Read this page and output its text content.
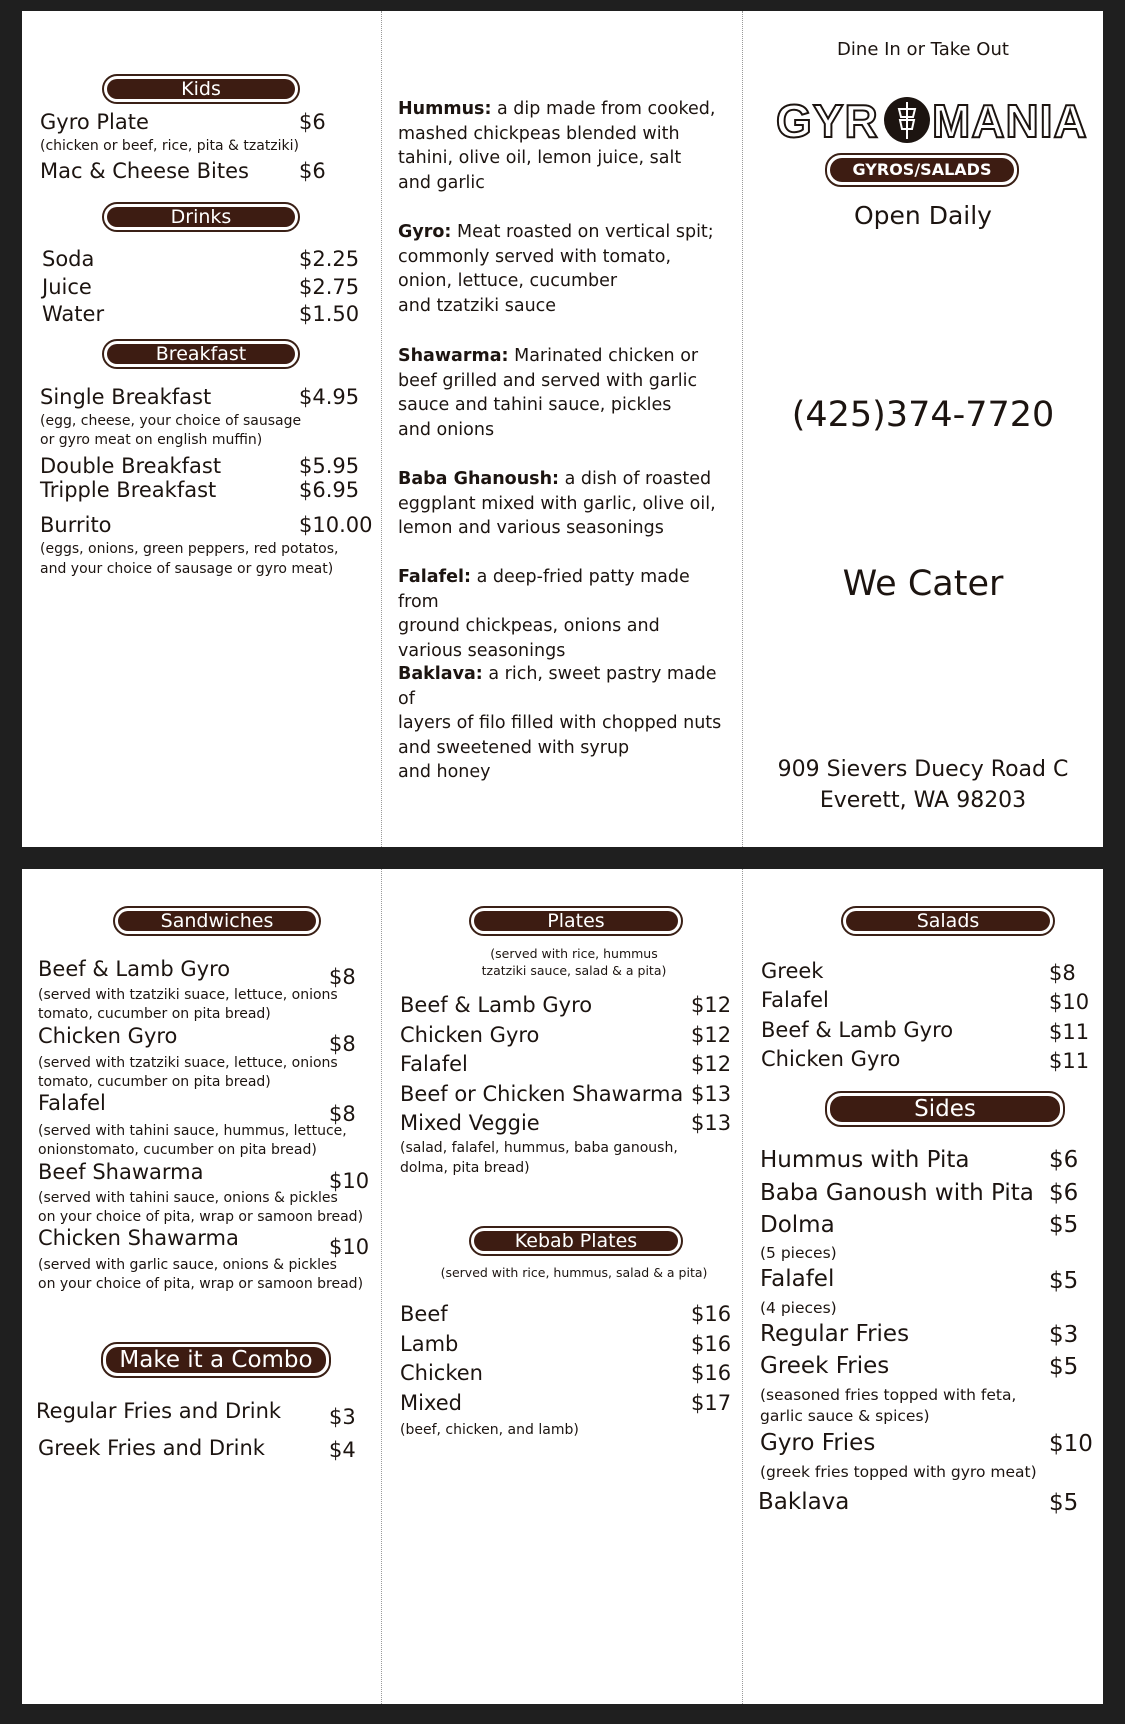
Kids
Gyro Plate	$6
(chicken or beef, rice, pita & tzatziki)
Mac & Cheese Bites $6
Drinks
Soda	$2.25
Juice	$2.75
Water	$1.50
Breakfast
Single Breakfast	$4.95
(egg, cheese, your choice of sausage
or gyro meat on english muffin)
Double Breakfast	$5.95
Tripple Breakfast	$6.95
Burrito	$10.00
(eggs, onions, green peppers, red potatos,
and your choice of sausage or gyro meat)
Hummus: a dip made from cooked,
mashed chickpeas blended with
tahini, olive oil, lemon juice, salt
and garlic
Gyro: Meat roasted on vertical spit;
commonly served with tomato,
onion, lettuce, cucumber
and tzatziki sauce
Shawarma: Marinated chicken or
beef grilled and served with garlic
sauce and tahini sauce, pickles
and onions
Baba Ghanoush: a dish of roasted
eggplant mixed with garlic, olive oil,
lemon and various seasonings
Falafel: a deep-fried patty made from
ground chickpeas, onions and
various seasonings
Baklava: a rich, sweet pastry made of
layers of filo filled with chopped nuts
and sweetened with syrup
and honey
Dine In or Take Out
GYR MANIA
GYROS/SALADS
Open Daily
(425)374-7720
We Cater
909 Sievers Duecy Road C
Everett, WA 98203
Sandwiches
Beef & Lamb Gyro	$8
(served with tzatziki suace, lettuce, onions
tomato, cucumber on pita bread)
Chicken Gyro	$8
(served with tzatziki suace, lettuce, onions
tomato, cucumber on pita bread)
Falafel	$8
(served with tahini sauce, hummus, lettuce,
onionstomato, cucumber on pita bread)
Beef Shawarma	$10
(served with tahini sauce, onions & pickles
on your choice of pita, wrap or samoon bread)
Chicken Shawarma	$10
(served with garlic sauce, onions & pickles
on your choice of pita, wrap or samoon bread)
Make it a Combo
Regular Fries and Drink $3
Greek Fries and Drink	$4
Plates
(served with rice, hummus
tzatziki sauce, salad & a pita)
Beef & Lamb Gyro	$12
Chicken Gyro	$12
Falafel	$12
Beef or Chicken Shawarma $13
Mixed Veggie	$13
(salad, falafel, hummus, baba ganoush,
dolma, pita bread)
Kebab Plates
(served with rice, hummus, salad & a pita)
Beef	$16
Lamb	$16
Chicken	$16
Mixed	$17
(beef, chicken, and lamb)
Salads
Greek	$8
Falafel	$10
Beef & Lamb Gyro	$11
Chicken Gyro	$11
Sides
Hummus with Pita	$6
Baba Ganoush with Pita $6
Dolma	$5
(5 pieces)
Falafel	$5
(4 pieces)
Regular Fries	$3
Greek Fries	$5
(seasoned fries topped with feta,
garlic sauce & spices)
Gyro Fries	$10
(greek fries topped with gyro meat)
Baklava	$5
